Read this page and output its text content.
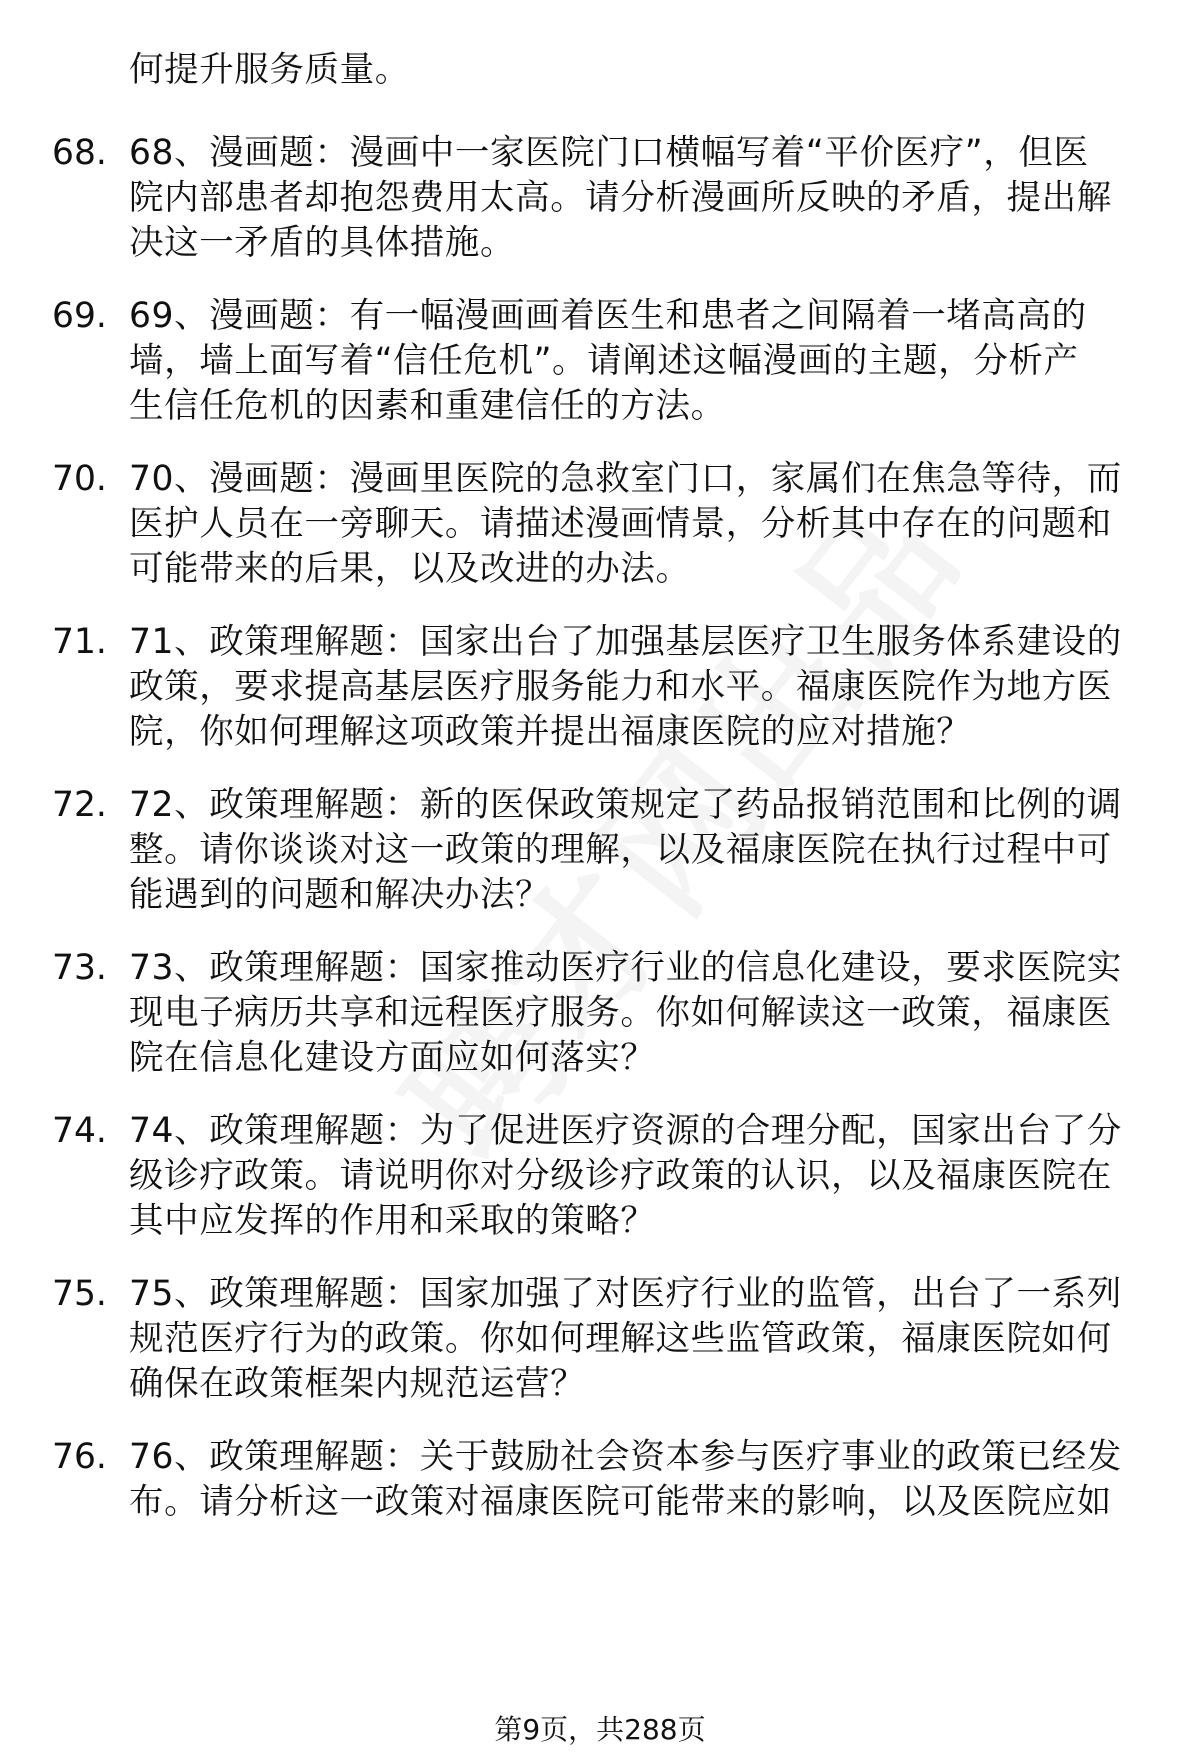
何提升服务质量。
68. 68、漫画题：漫画中一家医院门口横幅写着“平价医疗”，但医
院内部患者却抱怨费用太高。请分析漫画所反映的矛盾，提出解
决这一矛盾的具体措施。
69. 69、漫画题：有一幅漫画画着医生和患者之间隔着一堵高高的
墙，墙上面写着“信任危机”。请阐述这幅漫画的主题，分析产
生信任危机的因素和重建信任的方法。
70. 70、漫画题：漫画里医院的急救室门口，家属们在焦急等待，而
医护人员在一旁聊天。请描述漫画情景，分析其中存在的问题和
可能带来的后果，以及改进的办法。
71. 71、政策理解题：国家出台了加强基层医疗卫生服务体系建设的
政策，要求提高基层医疗服务能力和水平。福康医院作为地方医
院，你如何理解这项政策并提出福康医院的应对措施？
72. 72、政策理解题：新的医保政策规定了药品报销范围和比例的调
整。请你谈谈对这一政策的理解，以及福康医院在执行过程中可
能遇到的问题和解决办法？
73. 73、政策理解题：国家推动医疗行业的信息化建设，要求医院实
现电子病历共享和远程医疗服务。你如何解读这一政策，福康医
院在信息化建设方面应如何落实？
74. 74、政策理解题：为了促进医疗资源的合理分配，国家出台了分
级诊疗政策。请说明你对分级诊疗政策的认识，以及福康医院在
其中应发挥的作用和采取的策略？
75. 75、政策理解题：国家加强了对医疗行业的监管，出台了一系列
规范医疗行为的政策。你如何理解这些监管政策，福康医院如何
确保在政策框架内规范运营？
76. 76、政策理解题：关于鼓励社会资本参与医疗事业的政策已经发
布。请分析这一政策对福康医院可能带来的影响，以及医院应如
第9页，共288页
